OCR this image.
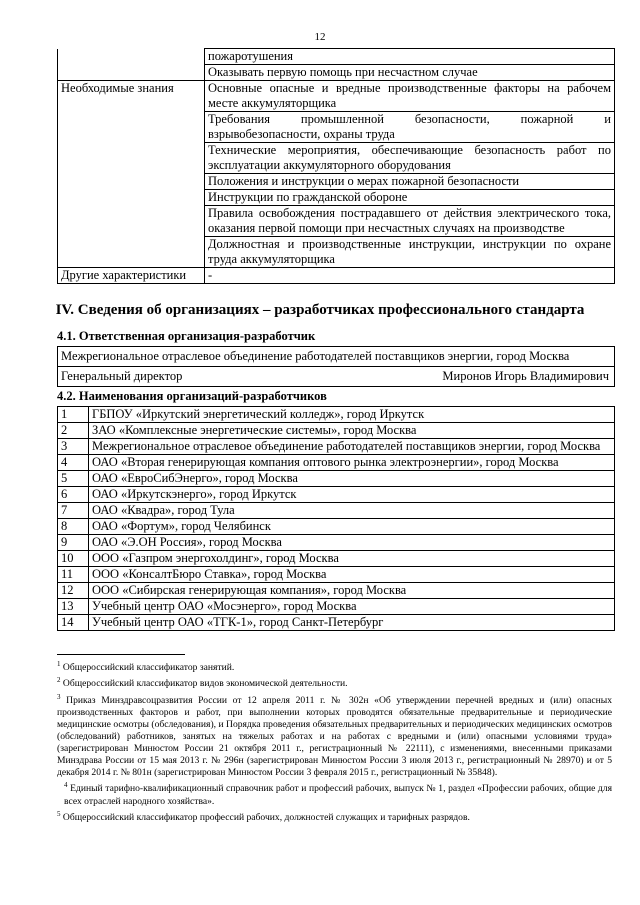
12
	пожаротушения
	Оказывать первую помощь при несчастном случае
Необходимые знания	Основные опасные и вредные производственные факторы на рабочем месте аккумуляторщика
	Требования промышленной безопасности, пожарной и взрывобезопасности, охраны труда
	Технические мероприятия, обеспечивающие безопасность работ по эксплуатации аккумуляторного оборудования
	Положения и инструкции о мерах пожарной безопасности
	Инструкции по гражданской обороне
	Правила освобождения пострадавшего от действия электрического тока, оказания первой помощи при несчастных случаях на производстве
	Должностная и производственные инструкции, инструкции по охране труда аккумуляторщика
Другие характеристики	-
IV. Сведения об организациях – разработчиках профессионального стандарта
4.1. Ответственная организация-разработчик
Межрегиональное отраслевое объединение работодателей поставщиков энергии, город Москва

Генеральный директор	Миронов Игорь Владимирович
4.2. Наименования организаций-разработчиков
1	ГБПОУ «Иркутский энергетический колледж», город Иркутск
2	ЗАО «Комплексные энергетические системы», город Москва
3	Межрегиональное отраслевое объединение работодателей поставщиков энергии, город Москва
4	ОАО «Вторая генерирующая компания оптового рынка электроэнергии», город Москва
5	ОАО «ЕвроСибЭнерго», город Москва
6	ОАО «Иркутскэнерго», город Иркутск
7	ОАО «Квадра», город Тула
8	ОАО «Фортум», город Челябинск
9	ОАО «Э.ОН Россия», город Москва
10	ООО «Газпром энергохолдинг», город Москва
11	ООО «КонсалтБюро Ставка», город Москва
12	ООО «Сибирская генерирующая компания», город Москва
13	Учебный центр ОАО «Мосэнерго», город Москва
14	Учебный центр ОАО «ТГК-1», город Санкт-Петербург

$^1$ Общероссийский классификатор занятий.

$^2$ Общероссийский классификатор видов экономической деятельности.

$^3$ Приказ Минздравсоцразвития России от 12 апреля 2011 г. № 302н «Об утверждении перечней вредных и (или) опасных производственных факторов и работ, при выполнении которых проводятся обязательные предварительные и периодические медицинские осмотры (обследования), и Порядка проведения обязательных предварительных и периодических медицинских осмотров (обследований) работников, занятых на тяжелых работах и на работах с вредными и (или) опасными условиями труда» (зарегистрирован Минюстом России 21 октября 2011 г., регистрационный № 22111), с изменениями, внесенными приказами Минздрава России от 15 мая 2013 г. № 296н (зарегистрирован Минюстом России 3 июля 2013 г., регистрационный № 28970) и от 5 декабря 2014 г. № 801н (зарегистрирован Минюстом России 3 февраля 2015 г., регистрационный № 35848).

$^4$ Единый тарифно-квалификационный справочник работ и профессий рабочих, выпуск № 1, раздел «Профессии рабочих, общие для всех отраслей народного хозяйства».

$^5$ Общероссийский классификатор профессий рабочих, должностей служащих и тарифных разрядов.
